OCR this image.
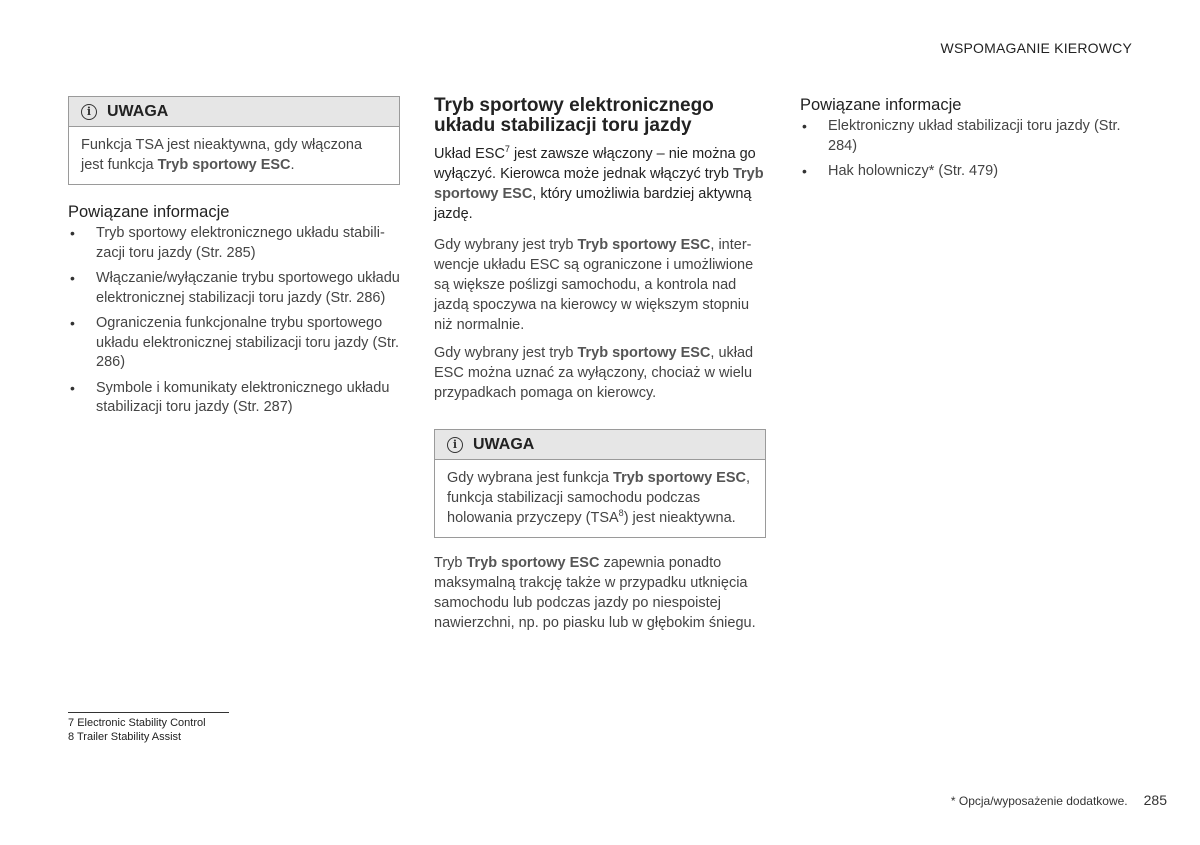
WSPOMAGANIE KIEROWCY
i UWAGA
Funkcja TSA jest nieaktywna, gdy włączona jest funkcja Tryb sportowy ESC.
Powiązane informacje
• Tryb sportowy elektronicznego układu stabilizacji toru jazdy (Str. 285)
• Włączanie/wyłączanie trybu sportowego układu elektronicznej stabilizacji toru jazdy (Str. 286)
• Ograniczenia funkcjonalne trybu sportowego układu elektronicznej stabilizacji toru jazdy (Str. 286)
• Symbole i komunikaty elektronicznego układu stabilizacji toru jazdy (Str. 287)
Tryb sportowy elektronicznego układu stabilizacji toru jazdy

Układ ESC$^7$ jest zawsze włączony – nie można go wyłączyć. Kierowca może jednak włączyć tryb Tryb sportowy ESC, który umożliwia bardziej aktywną jazdę.

Gdy wybrany jest tryb Tryb sportowy ESC, interwencje układu ESC są ograniczone i umożliwione są większe poślizgi samochodu, a kontrola nad jazdą spoczywa na kierowcy w większym stopniu niż normalnie.

Gdy wybrany jest tryb Tryb sportowy ESC, układ ESC można uznać za wyłączony, chociaż w wielu przypadkach pomaga on kierowcy.

i UWAGA
Gdy wybrana jest funkcja Tryb sportowy ESC, funkcja stabilizacji samochodu podczas holowania przyczepy (TSA$^8$) jest nieaktywna.

Tryb Tryb sportowy ESC zapewnia ponadto maksymalną trakcję także w przypadku utknięcia samochodu lub podczas jazdy po niespoistej nawierzchni, np. po piasku lub w głębokim śniegu.

Powiązane informacje
• Elektroniczny układ stabilizacji toru jazdy (Str. 284)
• Hak holowniczy* (Str. 479)
7 Electronic Stability Control
8 Trailer Stability Assist
* Opcja/wyposażenie dodatkowe. 285
